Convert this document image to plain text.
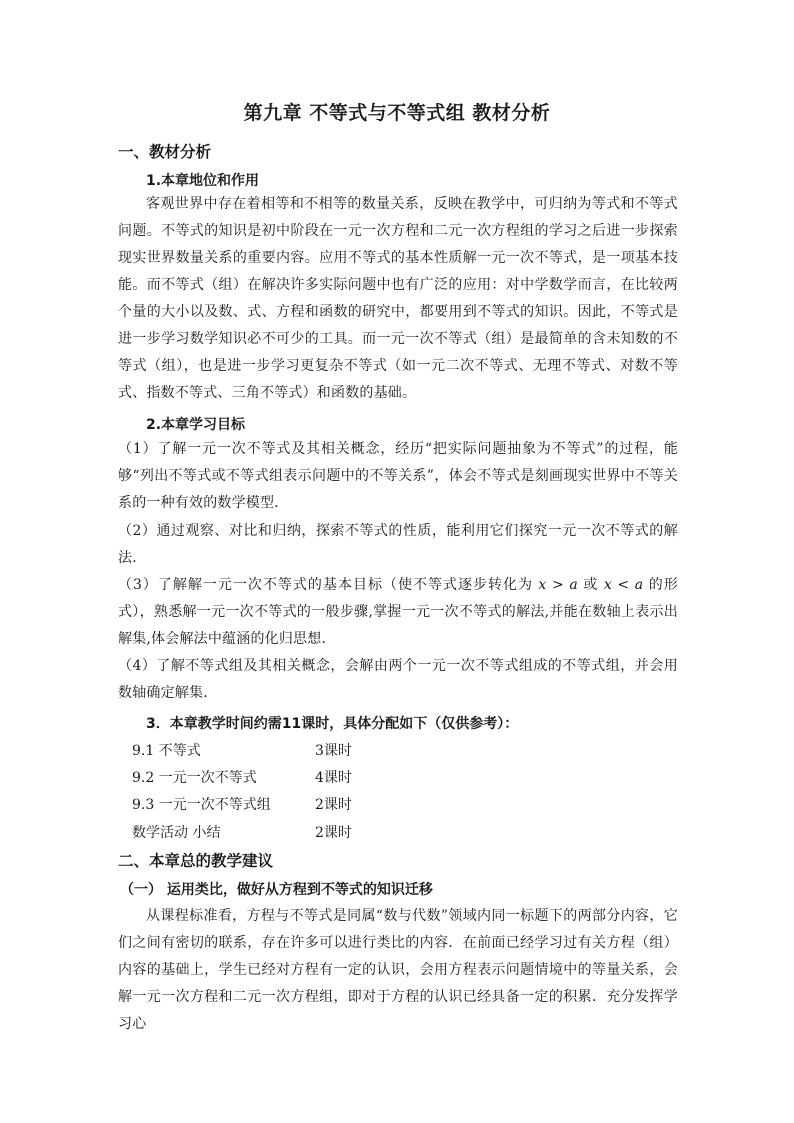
第九章 不等式与不等式组 教材分析
一、教材分析
1.本章地位和作用
客观世界中存在着相等和不相等的数量关系，反映在教学中，可归纳为等式和不等式问题。不等式的知识是初中阶段在一元一次方程和二元一次方程组的学习之后进一步探索现实世界数量关系的重要内容。应用不等式的基本性质解一元一次不等式，是一项基本技能。而不等式（组）在解决许多实际问题中也有广泛的应用：对中学数学而言，在比较两个量的大小以及数、式、方程和函数的研究中，都要用到不等式的知识。因此，不等式是进一步学习数学知识必不可少的工具。而一元一次不等式（组）是最简单的含未知数的不等式（组），也是进一步学习更复杂不等式（如一元二次不等式、无理不等式、对数不等式、指数不等式、三角不等式）和函数的基础。
2.本章学习目标
（1）了解一元一次不等式及其相关概念，经历“把实际问题抽象为不等式”的过程，能够“列出不等式或不等式组表示问题中的不等关系”，体会不等式是刻画现实世界中不等关系的一种有效的数学模型．
（2）通过观察、对比和归纳，探索不等式的性质，能利用它们探究一元一次不等式的解法．
（3）了解解一元一次不等式的基本目标（使不等式逐步转化为 x > a 或 x < a 的形式），熟悉解一元一次不等式的一般步骤,掌握一元一次不等式的解法,并能在数轴上表示出解集,体会解法中蕴涵的化归思想．
（4）了解不等式组及其相关概念，会解由两个一元一次不等式组成的不等式组，并会用数轴确定解集．
3．本章教学时间约需11课时，具体分配如下（仅供参考）：
9.1 不等式	3课时
9.2 一元一次不等式	4课时
9.3 一元一次不等式组	2课时
数学活动 小结	2课时
二、本章总的教学建议
（一） 运用类比，做好从方程到不等式的知识迁移
从课程标准看，方程与不等式是同属“数与代数”领域内同一标题下的两部分内容，它们之间有密切的联系，存在许多可以进行类比的内容．在前面已经学习过有关方程（组）内容的基础上，学生已经对方程有一定的认识，会用方程表示问题情境中的等量关系，会解一元一次方程和二元一次方程组，即对于方程的认识已经具备一定的积累．充分发挥学习心
